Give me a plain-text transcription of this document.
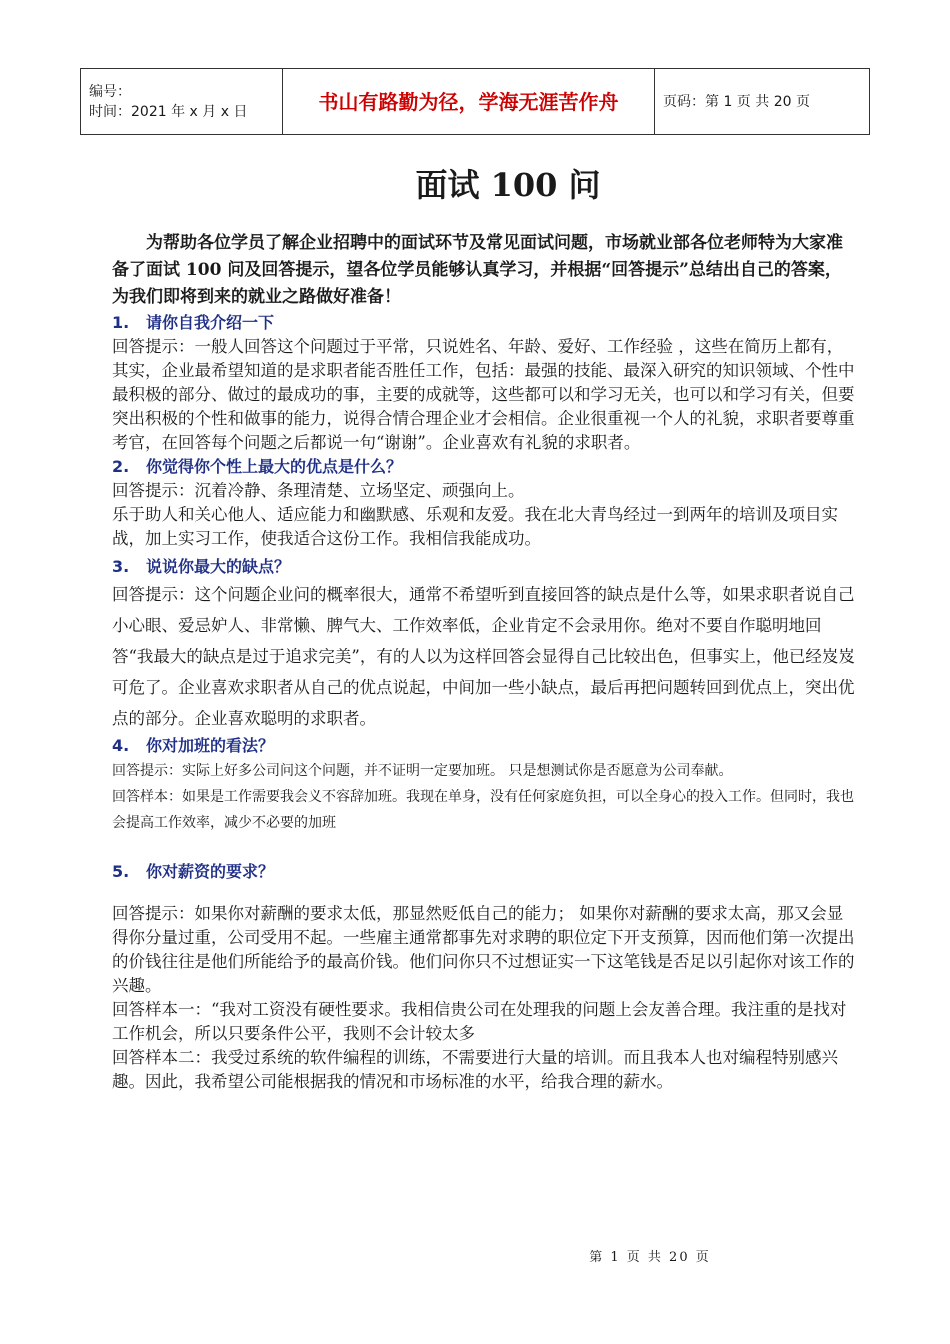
编号：
时间：2021 年 x 月 x 日	书山有路勤为径，学海无涯苦作舟	页码：第 1 页 共 20 页
面试 100 问

为帮助各位学员了解企业招聘中的面试环节及常见面试问题，市场就业部各位老师特为大家准备了面试 100 问及回答提示，望各位学员能够认真学习，并根据“回答提示”总结出自己的答案，为我们即将到来的就业之路做好准备！

1. 请你自我介绍一下

回答提示：一般人回答这个问题过于平常，只说姓名、年龄、爱好、工作经验 ，这些在简历上都有，其实，企业最希望知道的是求职者能否胜任工作，包括：最强的技能、最深入研究的知识领域、个性中最积极的部分、做过的最成功的事，主要的成就等，这些都可以和学习无关，也可以和学习有关，但要突出积极的个性和做事的能力，说得合情合理企业才会相信。企业很重视一个人的礼貌，求职者要尊重考官，在回答每个问题之后都说一句“谢谢”。企业喜欢有礼貌的求职者。

2. 你觉得你个性上最大的优点是什么？

回答提示：沉着冷静、条理清楚、立场坚定、顽强向上。

乐于助人和关心他人、适应能力和幽默感、乐观和友爱。我在北大青鸟经过一到两年的培训及项目实战，加上实习工作，使我适合这份工作。我相信我能成功。

3. 说说你最大的缺点？

回答提示：这个问题企业问的概率很大，通常不希望听到直接回答的缺点是什么等，如果求职者说自己小心眼、爱忌妒人、非常懒、脾气大、工作效率低，企业肯定不会录用你。绝对不要自作聪明地回答“我最大的缺点是过于追求完美”，有的人以为这样回答会显得自己比较出色，但事实上，他已经岌岌可危了。企业喜欢求职者从自己的优点说起，中间加一些小缺点，最后再把问题转回到优点上，突出优点的部分。企业喜欢聪明的求职者。

4. 你对加班的看法？

回答提示：实际上好多公司问这个问题，并不证明一定要加班。 只是想测试你是否愿意为公司奉献。

回答样本：如果是工作需要我会义不容辞加班。我现在单身，没有任何家庭负担，可以全身心的投入工作。但同时，我也会提高工作效率，减少不必要的加班

5. 你对薪资的要求？

回答提示：如果你对薪酬的要求太低，那显然贬低自己的能力； 如果你对薪酬的要求太高，那又会显得你分量过重，公司受用不起。一些雇主通常都事先对求聘的职位定下开支预算，因而他们第一次提出的价钱往往是他们所能给予的最高价钱。他们问你只不过想证实一下这笔钱是否足以引起你对该工作的兴趣。

回答样本一：“我对工资没有硬性要求。我相信贵公司在处理我的问题上会友善合理。我注重的是找对工作机会，所以只要条件公平，我则不会计较太多

回答样本二：我受过系统的软件编程的训练，不需要进行大量的培训。而且我本人也对编程特别感兴趣。因此，我希望公司能根据我的情况和市场标准的水平，给我合理的薪水。

第 1 页 共 20 页
